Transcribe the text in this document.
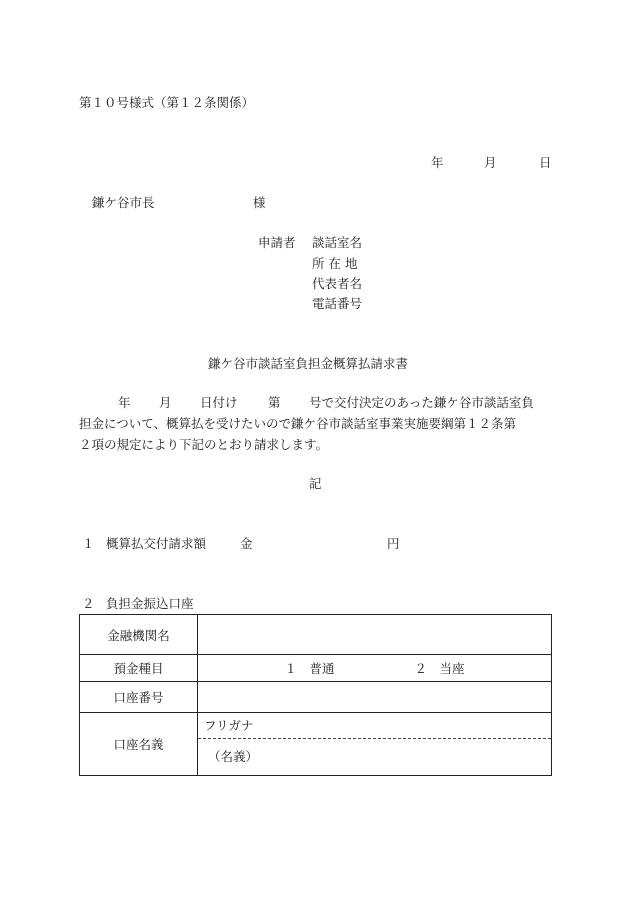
第１０号様式（第１２条関係）
年	月	日
鎌ケ谷市長	様
申請者 談話室名
所 在 地
代表者名
電話番号
鎌ケ谷市談話室負担金概算払請求書
年 月 日付け 第 号で交付決定のあった鎌ケ谷市談話室負
担金について、概算払を受けたいので鎌ケ谷市談話室事業実施要綱第１２条第
２項の規定により下記のとおり請求します。
記
１ 概算払交付請求額	金	円
２ 負担金振込口座
金融機関名	
預金種目	１　普通 ２　当座

口座番号	
口座名義	フリガナ
（名義）
